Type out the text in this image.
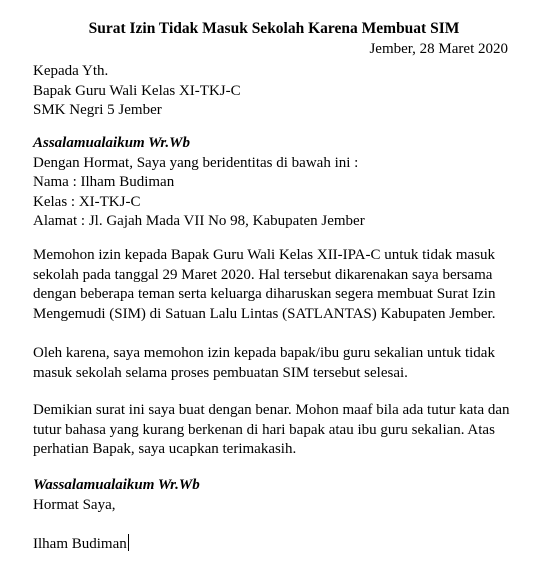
Surat Izin Tidak Masuk Sekolah Karena Membuat SIM
Jember, 28 Maret 2020
Kepada Yth.
Bapak Guru Wali Kelas XI-TKJ-C
SMK Negri 5 Jember
Assalamualaikum Wr.Wb
Dengan Hormat, Saya yang beridentitas di bawah ini :
Nama : Ilham Budiman
Kelas : XI-TKJ-C
Alamat : Jl. Gajah Mada VII No 98, Kabupaten Jember
Memohon izin kepada Bapak Guru Wali Kelas XII-IPA-C untuk tidak masuk
sekolah pada tanggal 29 Maret 2020. Hal tersebut dikarenakan saya bersama
dengan beberapa teman serta keluarga diharuskan segera membuat Surat Izin
Mengemudi (SIM) di Satuan Lalu Lintas (SATLANTAS) Kabupaten Jember.
Oleh karena, saya memohon izin kepada bapak/ibu guru sekalian untuk tidak
masuk sekolah selama proses pembuatan SIM tersebut selesai.
Demikian surat ini saya buat dengan benar. Mohon maaf bila ada tutur kata dan
tutur bahasa yang kurang berkenan di hari bapak atau ibu guru sekalian. Atas
perhatian Bapak, saya ucapkan terimakasih.
Wassalamualaikum Wr.Wb
Hormat Saya,
Ilham Budiman
